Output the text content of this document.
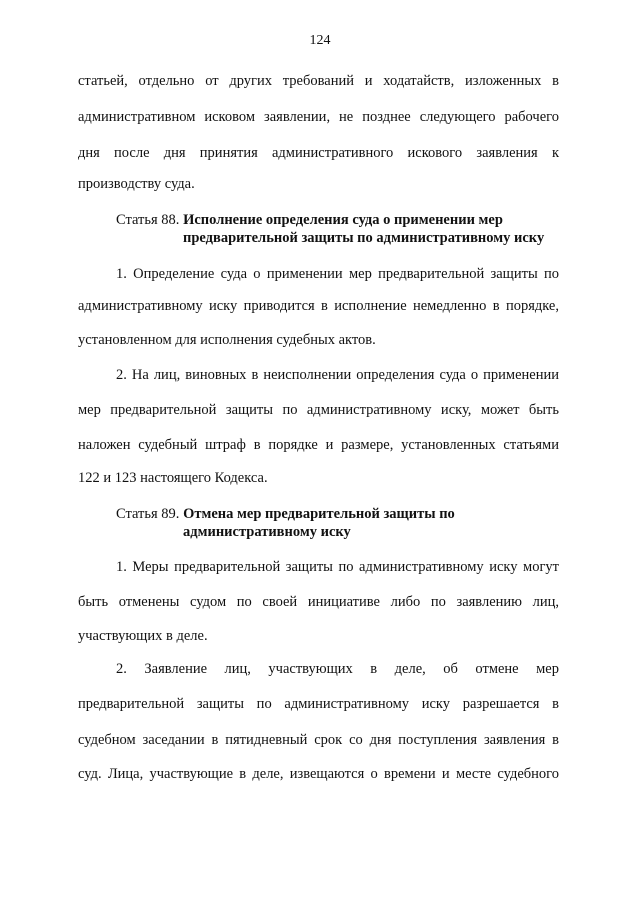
124
статьей, отдельно от других требований и ходатайств, изложенных в
административном исковом заявлении, не позднее следующего рабочего
дня после дня принятия административного искового заявления к
производству суда.
Статья 88. Исполнение определения суда о применении мер
предварительной защиты по административному иску
1. Определение суда о применении мер предварительной защиты по
административному иску приводится в исполнение немедленно в порядке,
установленном для исполнения судебных актов.
2. На лиц, виновных в неисполнении определения суда о применении
мер предварительной защиты по административному иску, может быть
наложен судебный штраф в порядке и размере, установленных статьями
122 и 123 настоящего Кодекса.
Статья 89. Отмена мер предварительной защиты по
административному иску
1. Меры предварительной защиты по административному иску могут
быть отменены судом по своей инициативе либо по заявлению лиц,
участвующих в деле.
2. Заявление лиц, участвующих в деле, об отмене мер
предварительной защиты по административному иску разрешается в
судебном заседании в пятидневный срок со дня поступления заявления в
суд. Лица, участвующие в деле, извещаются о времени и месте судебного
